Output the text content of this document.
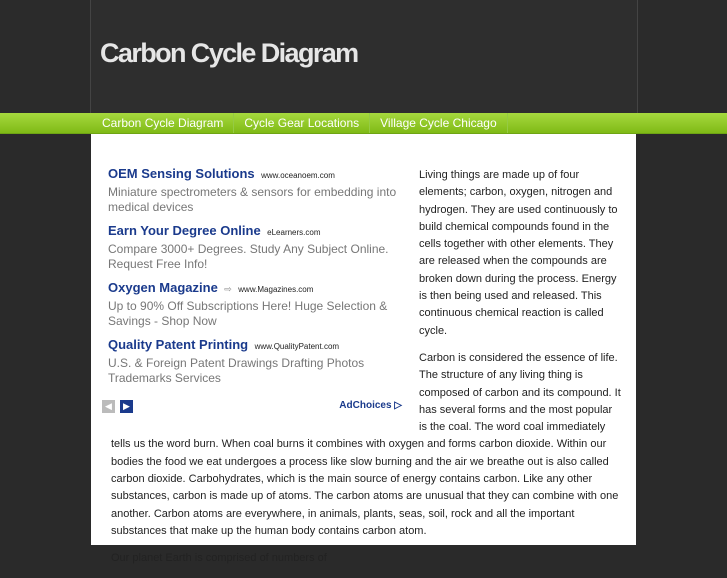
Carbon Cycle Diagram
Carbon Cycle Diagram	Cycle Gear Locations	Village Cycle Chicago
OEM Sensing Solutions www.oceanoem.com
Miniature spectrometers & sensors for embedding into medical devices
Earn Your Degree Online eLearners.com
Compare 3000+ Degrees. Study Any Subject Online. Request Free Info!
Oxygen Magazine ⇨ www.Magazines.com
Up to 90% Off Subscriptions Here! Huge Selection & Savings - Shop Now
Quality Patent Printing www.QualityPatent.com
U.S. & Foreign Patent Drawings Drafting Photos Trademarks Services
◀	▶	AdChoices ▷

Living things are made up of four elements; carbon, oxygen, nitrogen and hydrogen. They are used continuously to build chemical compounds found in the cells together with other elements. They are released when the compounds are broken down during the process. Energy is then being used and released. This continuous chemical reaction is called cycle.

Carbon is considered the essence of life. The structure of any living thing is composed of carbon and its compound. It has several forms and the most popular is the coal. The word coal immediately tells us the word burn. When coal burns it combines with oxygen and forms carbon dioxide. Within our bodies the food we eat undergoes a process like slow burning and the air we breathe out is also called carbon dioxide. Carbohydrates, which is the main source of energy contains carbon. Like any other substances, carbon is made up of atoms. The carbon atoms are unusual that they can combine with one another. Carbon atoms are everywhere, in animals, plants, seas, soil, rock and all the important substances that make up the human body contains carbon atom.

Our planet Earth is comprised of numbers of
